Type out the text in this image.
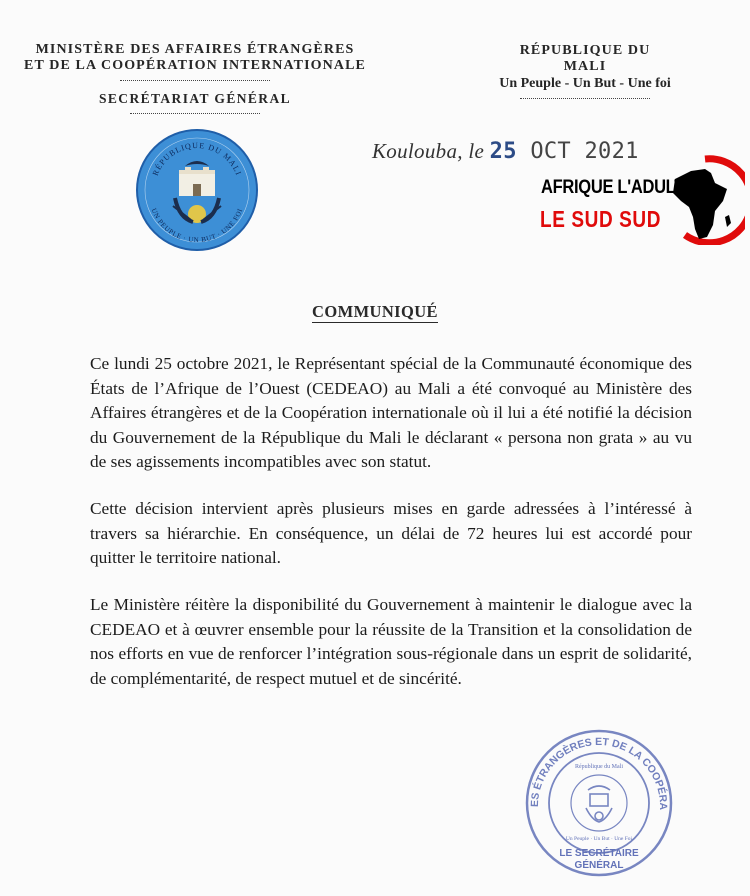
MINISTÈRE DES AFFAIRES ÉTRANGÈRES
ET DE LA COOPÉRATION INTERNATIONALE
SECRÉTARIAT GÉNÉRAL
RÉPUBLIQUE DU MALI
Un Peuple - Un But - Une foi
RÉPUBLIQUE DU MALI
UN PEUPLE · UN BUT · UNE FOI
Koulouba, le 25 OCT 2021
AFRIQUE L'ADULTE
LE SUD SUD
COMMUNIQUÉ
Ce lundi 25 octobre 2021, le Représentant spécial de la Communauté économique des États de l’Afrique de l’Ouest (CEDEAO) au Mali a été convoqué au Ministère des Affaires étrangères et de la Coopération internationale où il lui a été notifié la décision du Gouvernement de la République du Mali le déclarant « persona non grata » au vu de ses agissements incompatibles avec son statut.
Cette décision intervient après plusieurs mises en garde adressées à l’intéressé à travers sa hiérarchie. En conséquence, un délai de 72 heures lui est accordé pour quitter le territoire national.
Le Ministère réitère la disponibilité du Gouvernement à maintenir le dialogue avec la CEDEAO et à œuvrer ensemble pour la réussite de la Transition et la consolidation de nos efforts en vue de renforcer l’intégration sous-régionale dans un esprit de solidarité, de complémentarité, de respect mutuel et de sincérité.
ES ÉTRANGÈRES ET DE LA COOPÉRA
République du Mali
Un Peuple · Un But · Une Foi
LE SECRÉTAIRE
GÉNÉRAL
